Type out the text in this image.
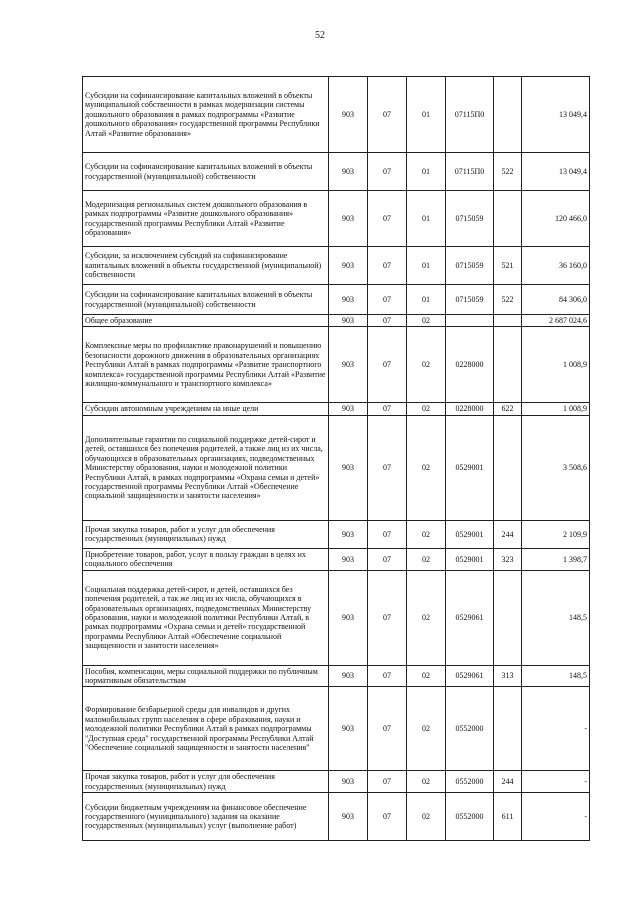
52
Субсидии на софинансирование капитальных вложений в объекты муниципальной собственности в рамках модернизации системы дошкольного образования в рамках подпрограммы «Развитие дошкольного образования» государственной программы Республики Алтай «Развитие образования»	903	07	01	07115П0		13 049,4
Субсидии на софинансирование капитальных вложений в объекты государственной (муниципальной) собственности	903	07	01	07115П0	522	13 049,4
Модернизация региональных систем дошкольного образования в рамках подпрограммы «Развитие дошкольного образования» государственной программы Республики Алтай «Развитие образования»	903	07	01	0715059		120 466,0
Субсидии, за исключением субсидий на софинансирование капитальных вложений в объекты государственной (муниципальной) собственности	903	07	01	0715059	521	36 160,0
Субсидии на софинансирование капитальных вложений в объекты государственной (муниципальной) собственности	903	07	01	0715059	522	84 306,0
Общее образование	903	07	02			2 687 024,6
Комплексные меры по профилактике правонарушений и повышению безопасности дорожного движения в образовательных организациях Республики Алтай в рамках подпрограммы «Развитие транспортного комплекса» государственной программы Республики Алтай «Развитие жилищно-коммунального и транспортного комплекса»	903	07	02	0228000		1 008,9
Субсидии автономным учреждениям на иные цели	903	07	02	0228000	622	1 008,9
Дополнительные гарантии по социальной поддержке детей-сирот и детей, оставшихся без попечения родителей, а также лиц из их числа, обучающихся в образовательных организациях, подведомственных Министерству образования, науки и молодежной политики Республики Алтай, в рамках подпрограммы «Охрана семьи и детей» государственной программы Республики Алтай «Обеспечение социальной защищенности и занятости населения»	903	07	02	0529001		3 508,6
Прочая закупка товаров, работ и услуг для обеспечения государственных (муниципальных) нужд	903	07	02	0529001	244	2 109,9
Приобретение товаров, работ, услуг в пользу граждан в целях их социального обеспечения	903	07	02	0529001	323	1 398,7
Социальная поддержка детей-сирот, и детей, оставшихся без попечения родителей, а так же лиц из их числа, обучающихся в образовательных организациях, подведомственных Министерству образования, науки и молодежной политики Республики Алтай, в рамках подпрограммы «Охрана семьи и детей» государственной программы Республики Алтай «Обеспечение социальной защищенности и занятости населения»	903	07	02	0529061		148,5
Пособия, компенсации, меры социальной поддержки по публичным нормативным обязательствам	903	07	02	0529061	313	148,5
Формирование безбарьерной среды для инвалидов и других маломобильных групп населения в сфере образования, науки и молодежной политики Республики Алтай в рамках подпрограммы "Доступная среда" государственной программы Республики Алтай "Обеспечение социальной защищенности и занятости населения"	903	07	02	0552000		-
Прочая закупка товаров, работ и услуг для обеспечения государственных (муниципальных) нужд	903	07	02	0552000	244	-
Субсидии бюджетным учреждениям на финансовое обеспечение государственного (муниципального) задания на оказание государственных (муниципальных) услуг (выполнение работ)	903	07	02	0552000	611	-
